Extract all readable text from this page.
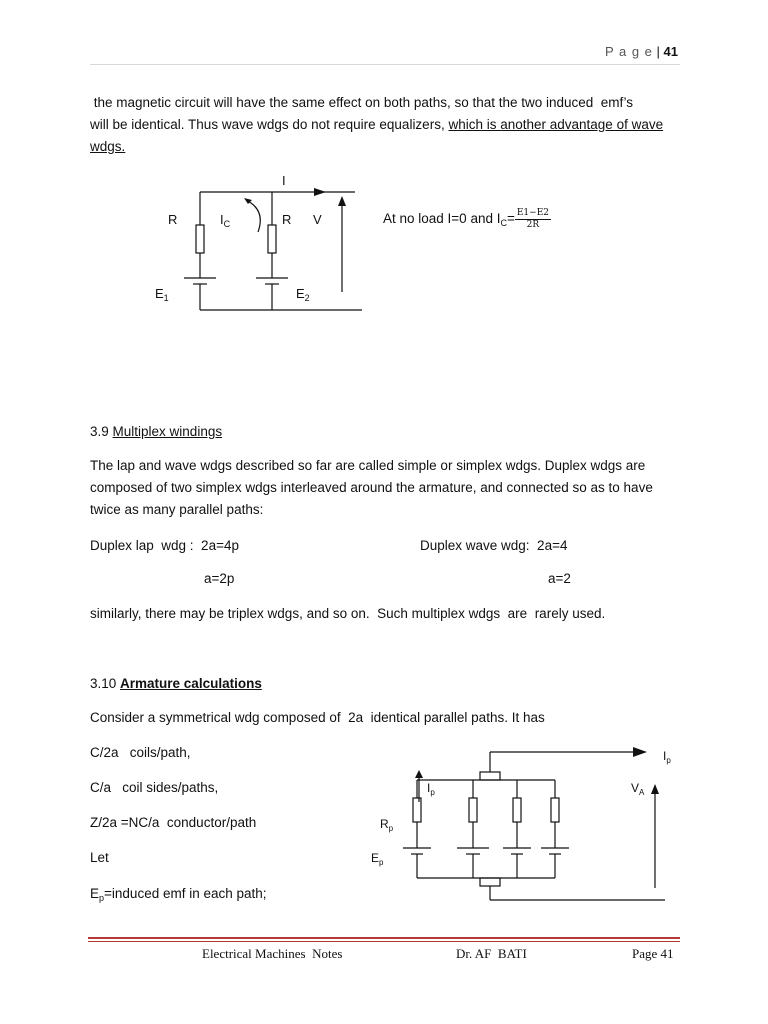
P a g e | 41
the magnetic circuit will have the same effect on both paths, so that the two induced  emf’s
will be identical. Thus wave wdgs do not require equalizers, which is another advantage of wave
wdgs.
I
R	$I_C$	R V
$E_1$	$E_2$
At no load I=0 and $I_C= \frac{E1-E2}{2R}$
3.9 Multiplex windings
The lap and wave wdgs described so far are called simple or simplex wdgs. Duplex wdgs are
composed of two simplex wdgs interleaved around the armature, and connected so as to have
twice as many parallel paths:
Duplex lap  wdg :  2a=4p	Duplex wave wdg:  2a=4
a=2p	a=2
similarly, there may be triplex wdgs, and so on.  Such multiplex wdgs  are  rarely used.
3.10 Armature calculations
Consider a symmetrical wdg composed of  2a  identical parallel paths. It has
C/2a   coils/path,
C/a   coil sides/paths,
Z/2a =NC/a  conductor/path
Let
$E_p=induced$ emf in each path;
$I_p$
$I_p$	$V_A$
$R_p$
$E_p$
Electrical Machines  Notes	Dr. AF  BATI	Page 41
